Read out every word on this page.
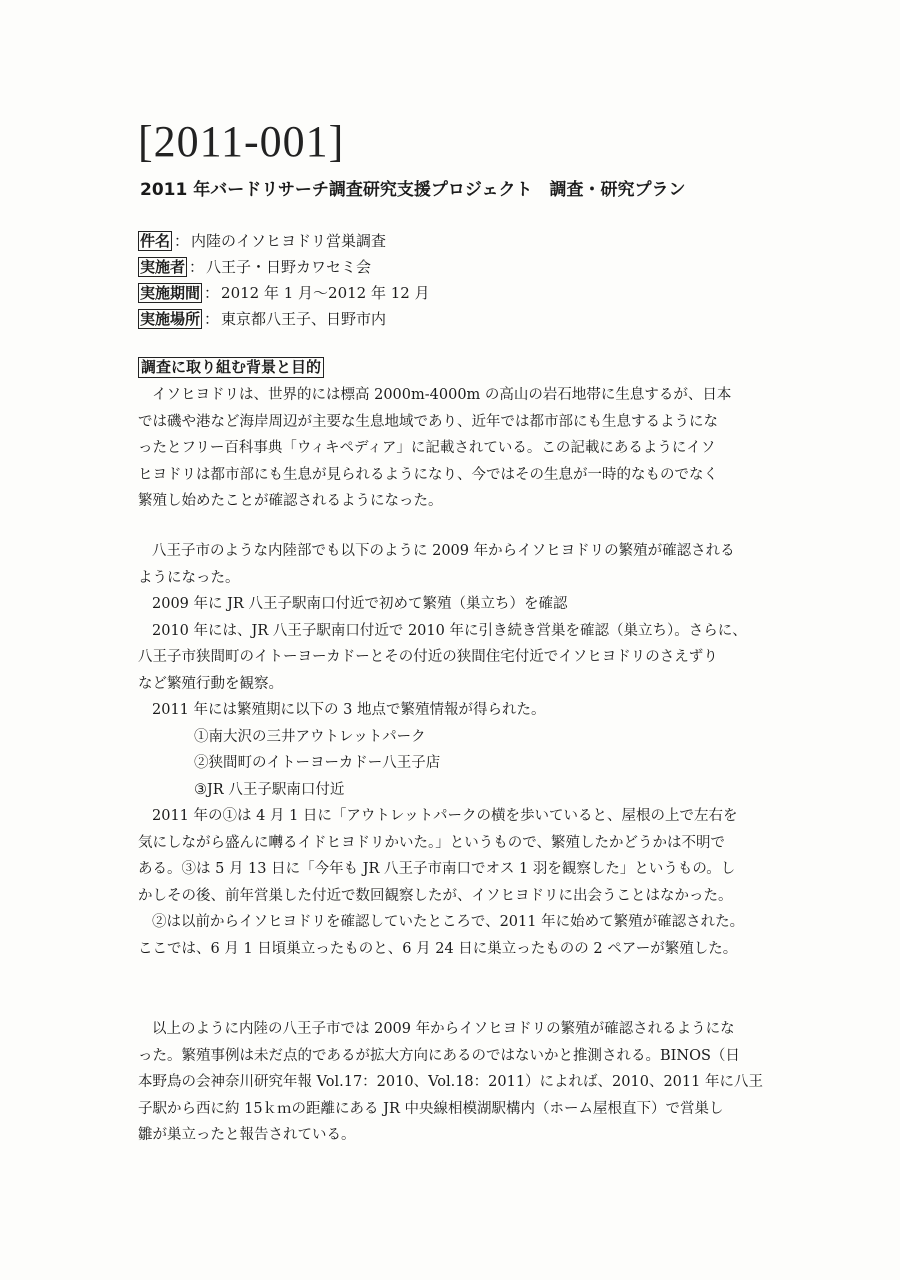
[2011-001]
2011 年バードリサーチ調査研究支援プロジェクト　調査・研究プラン
件名 ： 内陸のイソヒヨドリ営巣調査
実施者 ： 八王子・日野カワセミ会
実施期間 ： 2012 年 1 月〜2012 年 12 月
実施場所 ： 東京都八王子、日野市内
調査に取り組む背景と目的
イソヒヨドリは、世界的には標高 2000m-4000m の高山の岩石地帯に生息するが、日本
では磯や港など海岸周辺が主要な生息地域であり、近年では都市部にも生息するようにな
ったとフリー百科事典「ウィキペディア」に記載されている。この記載にあるようにイソ
ヒヨドリは都市部にも生息が見られるようになり、今ではその生息が一時的なものでなく
繁殖し始めたことが確認されるようになった。
八王子市のような内陸部でも以下のように 2009 年からイソヒヨドリの繁殖が確認される
ようになった。
2009 年に JR 八王子駅南口付近で初めて繁殖（巣立ち）を確認
2010 年には、JR 八王子駅南口付近で 2010 年に引き続き営巣を確認（巣立ち）。さらに、
八王子市狭間町のイトーヨーカドーとその付近の狭間住宅付近でイソヒヨドリのさえずり
など繁殖行動を観察。
2011 年には繁殖期に以下の 3 地点で繁殖情報が得られた。
①南大沢の三井アウトレットパーク
②狭間町のイトーヨーカドー八王子店
③JR 八王子駅南口付近
2011 年の①は 4 月 1 日に「アウトレットパークの横を歩いていると、屋根の上で左右を
気にしながら盛んに囀るイドヒヨドリかいた。」というもので、繁殖したかどうかは不明で
ある。③は 5 月 13 日に「今年も JR 八王子市南口でオス 1 羽を観察した」というもの。し
かしその後、前年営巣した付近で数回観察したが、イソヒヨドリに出会うことはなかった。
②は以前からイソヒヨドリを確認していたところで、2011 年に始めて繁殖が確認された。
ここでは、6 月 1 日頃巣立ったものと、6 月 24 日に巣立ったものの 2 ペアーが繁殖した。
以上のように内陸の八王子市では 2009 年からイソヒヨドリの繁殖が確認されるようにな
った。繁殖事例は未だ点的であるが拡大方向にあるのではないかと推測される。BINOS（日
本野鳥の会神奈川研究年報 Vol.17：2010、Vol.18：2011）によれば、2010、2011 年に八王
子駅から西に約 15ｋｍの距離にある JR 中央線相模湖駅構内（ホーム屋根直下）で営巣し
雛が巣立ったと報告されている。
